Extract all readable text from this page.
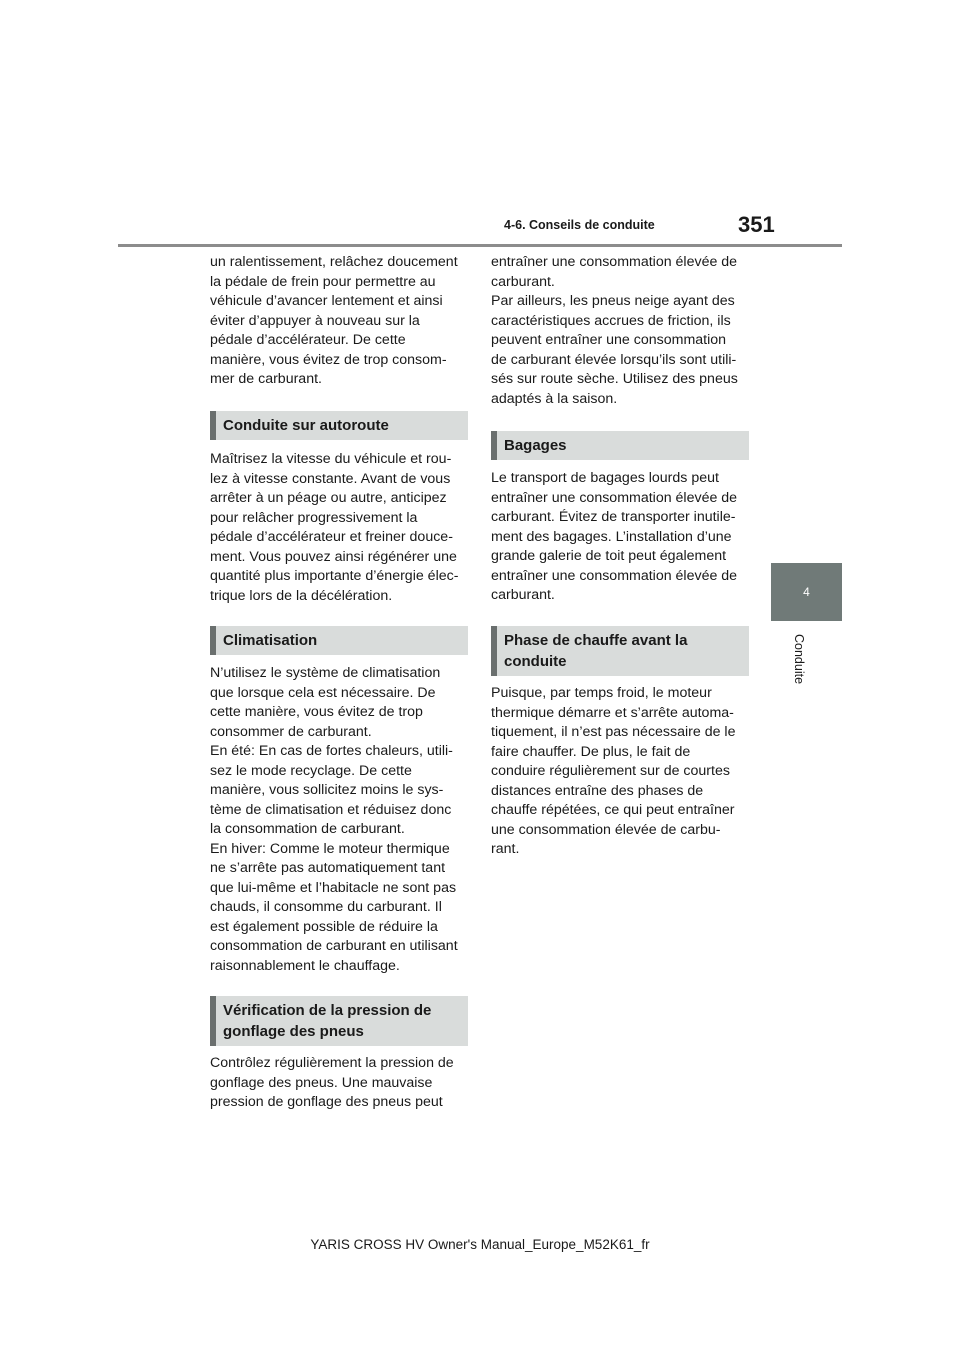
4-6. Conseils de conduite	351
4
Conduite

un ralentissement, relâchez doucement
la pédale de frein pour permettre au
véhicule d’avancer lentement et ainsi
éviter d’appuyer à nouveau sur la
pédale d’accélérateur. De cette
manière, vous évitez de trop consom-
mer de carburant.

Conduite sur autoroute

Maîtrisez la vitesse du véhicule et rou-
lez à vitesse constante. Avant de vous
arrêter à un péage ou autre, anticipez
pour relâcher progressivement la
pédale d’accélérateur et freiner douce-
ment. Vous pouvez ainsi régénérer une
quantité plus importante d’énergie élec-
trique lors de la décélération.

Climatisation

N’utilisez le système de climatisation
que lorsque cela est nécessaire. De
cette manière, vous évitez de trop
consommer de carburant.
En été: En cas de fortes chaleurs, utili-
sez le mode recyclage. De cette
manière, vous sollicitez moins le sys-
tème de climatisation et réduisez donc
la consommation de carburant.
En hiver: Comme le moteur thermique
ne s’arrête pas automatiquement tant
que lui-même et l’habitacle ne sont pas
chauds, il consomme du carburant. Il
est également possible de réduire la
consommation de carburant en utilisant
raisonnablement le chauffage.

Vérification de la pression de
gonflage des pneus

Contrôlez régulièrement la pression de
gonflage des pneus. Une mauvaise
pression de gonflage des pneus peut

entraîner une consommation élevée de
carburant.
Par ailleurs, les pneus neige ayant des
caractéristiques accrues de friction, ils
peuvent entraîner une consommation
de carburant élevée lorsqu’ils sont utili-
sés sur route sèche. Utilisez des pneus
adaptés à la saison.

Bagages

Le transport de bagages lourds peut
entraîner une consommation élevée de
carburant. Évitez de transporter inutile-
ment des bagages. L’installation d’une
grande galerie de toit peut également
entraîner une consommation élevée de
carburant.

Phase de chauffe avant la
conduite

Puisque, par temps froid, le moteur
thermique démarre et s’arrête automa-
tiquement, il n’est pas nécessaire de le
faire chauffer. De plus, le fait de
conduire régulièrement sur de courtes
distances entraîne des phases de
chauffe répétées, ce qui peut entraîner
une consommation élevée de carbu-
rant.

YARIS CROSS HV Owner's Manual_Europe_M52K61_fr
